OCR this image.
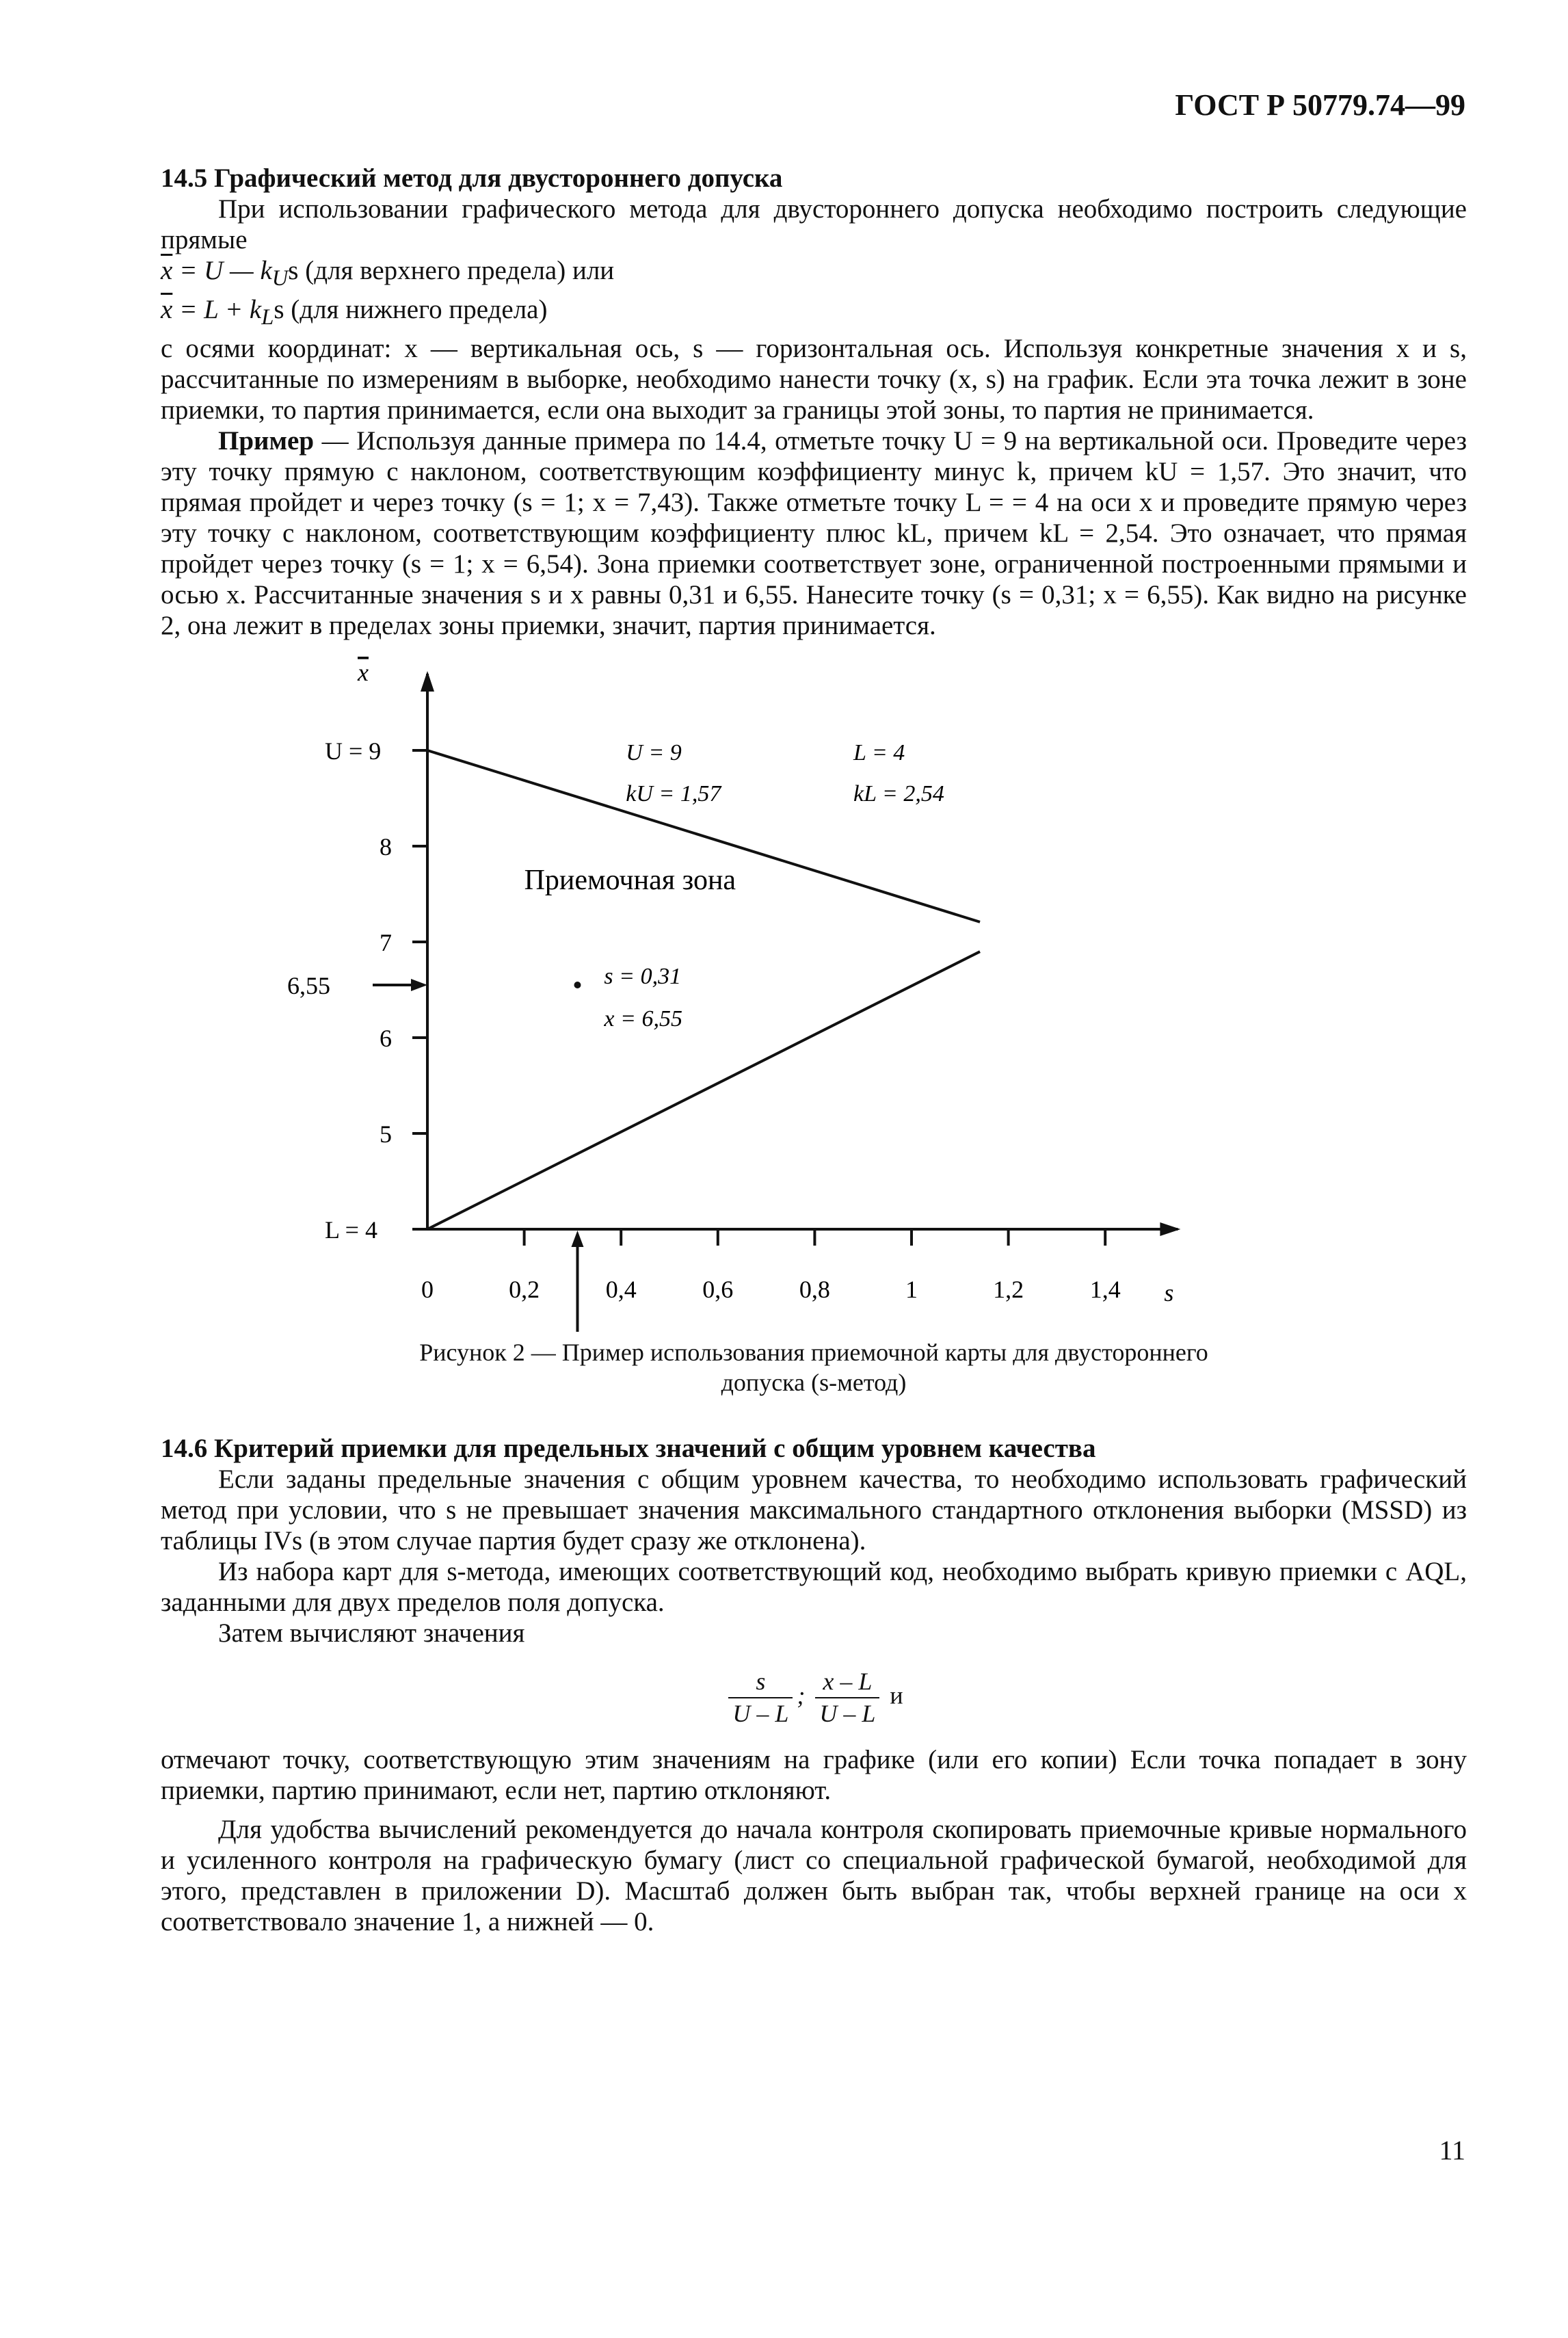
ГОСТ Р 50779.74—99

14.5 Графический метод для двустороннего допуска

При использовании графического метода для двустороннего допуска необходимо построить следующие прямые

$\overline{x} = U$ — $k_Us$ (для верхнего предела) или

$\overline{x} = L + k_Ls$ (для нижнего предела)

с осями координат: x — вертикальная ось, s — горизонтальная ось. Используя конкретные значения x и s, рассчитанные по измерениям в выборке, необходимо нанести точку (x, s) на график. Если эта точка лежит в зоне приемки, то партия принимается, если она выходит за границы этой зоны, то партия не принимается.

Пример — Используя данные примера по 14.4, отметьте точку U = 9 на вертикальной оси. Проведите через эту точку прямую с наклоном, соответствующим коэффициенту минус k, причем kU = 1,57. Это значит, что прямая пройдет и через точку (s = 1; x = 7,43). Также отметьте точку L = = 4 на оси x и проведите прямую через эту точку с наклоном, соответствующим коэффициенту плюс kL, причем kL = 2,54. Это означает, что прямая пройдет через точку (s = 1; x = 6,54). Зона приемки соответствует зоне, ограниченной построенными прямыми и осью x. Рассчитанные значения s и x равны 0,31 и 6,55. Нанесите точку (s = 0,31; x = 6,55). Как видно на рисунке 2, она лежит в пределах зоны приемки, значит, партия принимается.

x
s
8
7
6
5
U = 9
L = 4
6,55
0	0,2	0,4	0,6	0,8	1	1,2	1,4
Приемочная зона
U = 9
kU = 1,57
L = 4
kL = 2,54
s = 0,31
x = 6,55
Рисунок 2 — Пример использования приемочной карты для двустороннего
допуска (s-метод)

14.6 Критерий приемки для предельных значений с общим уровнем качества

Если заданы предельные значения с общим уровнем качества, то необходимо использовать графический метод при условии, что s не превышает значения максимального стандартного отклонения выборки (MSSD) из таблицы IVs (в этом случае партия будет сразу же отклонена).

Из набора карт для s-метода, имеющих соответствующий код, необходимо выбрать кривую приемки с AQL, заданными для двух пределов поля допуска.

Затем вычисляют значения

$\frac{s}{U - L}$ ; $\frac{x - L}{U - L}$ и

отмечают точку, соответствующую этим значениям на графике (или его копии) Если точка попадает в зону приемки, партию принимают, если нет, партию отклоняют.

Для удобства вычислений рекомендуется до начала контроля скопировать приемочные кривые нормального и усиленного контроля на графическую бумагу (лист со специальной графической бумагой, необходимой для этого, представлен в приложении D). Масштаб должен быть выбран так, чтобы верхней границе на оси x соответствовало значение 1, а нижней — 0.

11
